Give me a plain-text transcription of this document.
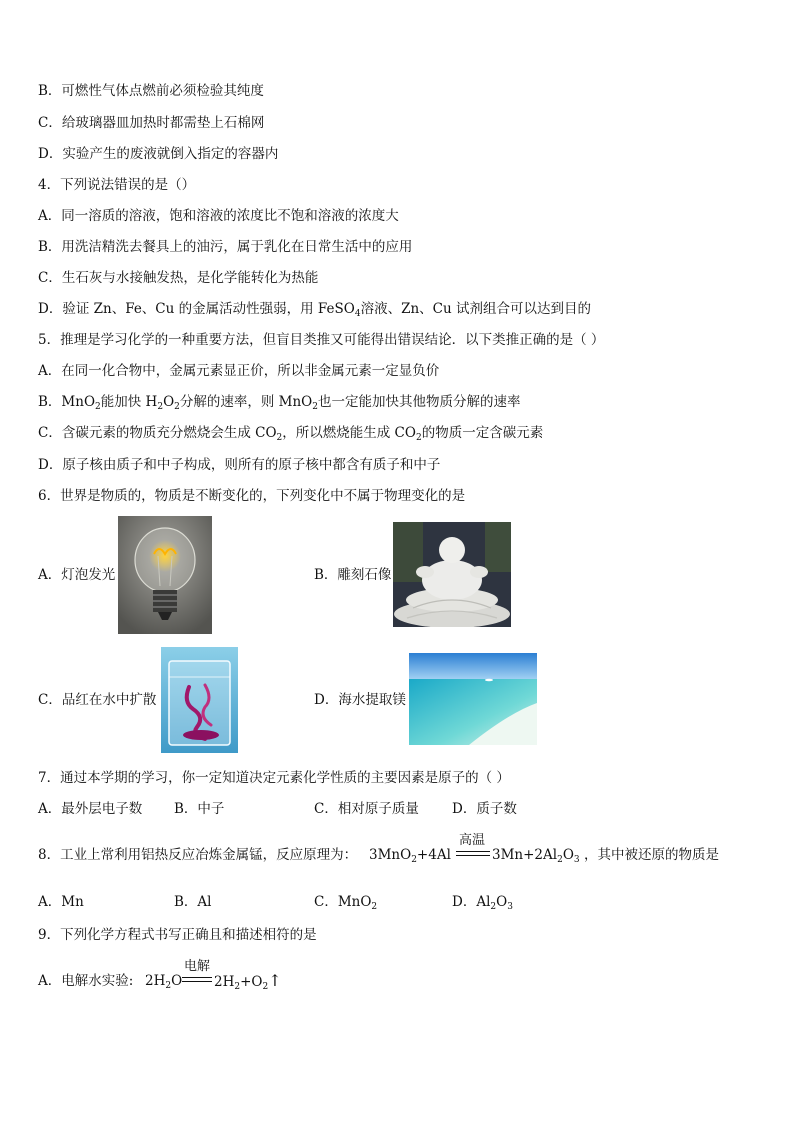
B．可燃性气体点燃前必须检验其纯度
C．给玻璃器皿加热时都需垫上石棉网
D．实验产生的废液就倒入指定的容器内
4．下列说法错误的是（）
A．同一溶质的溶液，饱和溶液的浓度比不饱和溶液的浓度大
B．用洗洁精洗去餐具上的油污，属于乳化在日常生活中的应用
C．生石灰与水接触发热，是化学能转化为热能
D．验证 Zn、Fe、Cu 的金属活动性强弱，用 FeSO$_4$溶液、Zn、Cu 试剂组合可以达到目的
5．推理是学习化学的一种重要方法，但盲目类推又可能得出错误结论．以下类推正确的是（ ）
A．在同一化合物中，金属元素显正价，所以非金属元素一定显负价
B．MnO$_2$能加快 $H_2O_2$分解的速率，则 MnO$_2$也一定能加快其他物质分解的速率
C．含碳元素的物质充分燃烧会生成 $CO_2$，所以燃烧能生成 $CO_2$的物质一定含碳元素
D．原子核由质子和中子构成，则所有的原子核中都含有质子和中子
6．世界是物质的，物质是不断变化的，下列变化中不属于物理变化的是
A．灯泡发光	B．雕刻石像
C．品红在水中扩散	D．海水提取镁
7．通过本学期的学习，你一定知道决定元素化学性质的主要因素是原子的（ ）
A．最外层电子数 B．中子	C．相对原子质量 D．质子数
8．工业上常利用铝热反应冶炼金属锰，反应原理为： 3MnO$_2$+4Al
高温
$3Mn+2Al_2O_3$ ，其中被还原的物质是
A．Mn	B．Al	C．MnO$_2$	D．$Al_2O_3$
9．下列化学方程式书写正确且和描述相符的是
A．电解水实验: $2H_2O$
电解
$2H_2+O_2↑$
